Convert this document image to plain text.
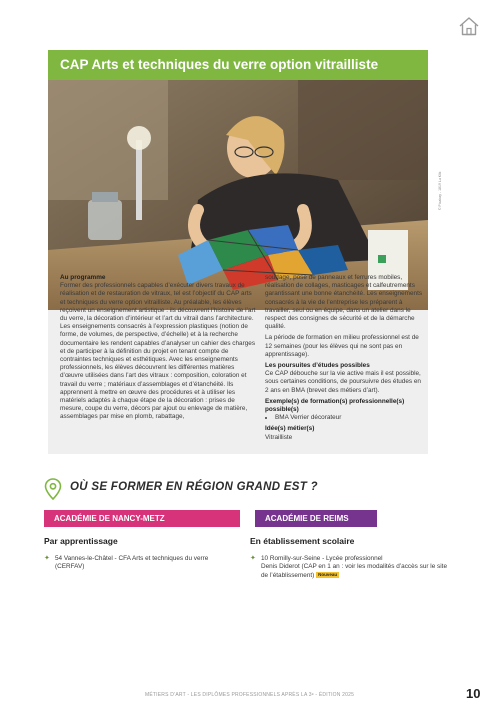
CAP Arts et techniques du verre option vitrailliste
© Pixabay - 1819 Lu Klik

Au programme

Former des professionnels capables d’exécuter divers travaux de réalisation et de restauration de vitraux, tel est l’objectif du CAP arts et techniques du verre option vitrailliste. Au préalable, les élèves reçoivent un enseignement artistique : ils découvrent l’histoire de l’art du verre, la décoration d’intérieur et l’art du vitrail dans l’architecture. Les enseignements consacrés à l’expression plastiques (notion de forme, de volumes, de perspective, d’échelle) et à la recherche documentaire les rendent capables d’analyser un cahier des charges et de participer à la définition du projet en tenant compte de contraintes techniques et esthétiques. Avec les enseignements professionnels, les élèves découvrent les différentes matières d’œuvre utilisées dans l’art des vitraux : composition, coloration et travail du verre ; matériaux d’assemblages et d’étanchéité. Ils apprennent à mettre en œuvre des procédures et à utiliser les matériels adaptés à chaque étape de la décoration : prises de mesure, coupe du verre, décors par ajout ou enlevage de matière, assemblages par mise en plomb, rabattage,

soudage, pose de panneaux et ferrures mobiles, réalisation de collages, masticages et calfeutrements garantissant une bonne étanchéité. Les enseignements consacrés à la vie de l’entreprise les préparent à travailler, seul ou en équipe, dans un atelier dans le respect des consignes de sécurité et de la démarche qualité.

La période de formation en milieu professionnel est de 12 semaines (pour les élèves qui ne sont pas en apprentissage).

Les poursuites d’études possibles

Ce CAP débouche sur la vie active mais il est possible, sous certaines conditions, de poursuivre des études en 2 ans en BMA (brevet des métiers d’art).

Exemple(s) de formation(s) professionnelle(s) possible(s)

• BMA Verrier décorateur

Idée(s) métier(s)

Vitrailliste

OÙ SE FORMER EN RÉGION GRAND EST ?
ACADÉMIE DE NANCY-METZ	ACADÉMIE DE REIMS

Par apprentissage	En établissement scolaire

✦ 54 Vannes-le-Châtel - CFA Arts et techniques du verre
(CERFAV)
✦ 10 Romilly-sur-Seine - Lycée professionnel
Denis Diderot (CAP en 1 an : voir les modalités d’accès sur le site de l’établissement) Nouveau
MÉTIERS D’ART - LES DIPLÔMES PROFESSIONNELS APRÈS LA 3ᵉ - ÉDITION 2025	10
